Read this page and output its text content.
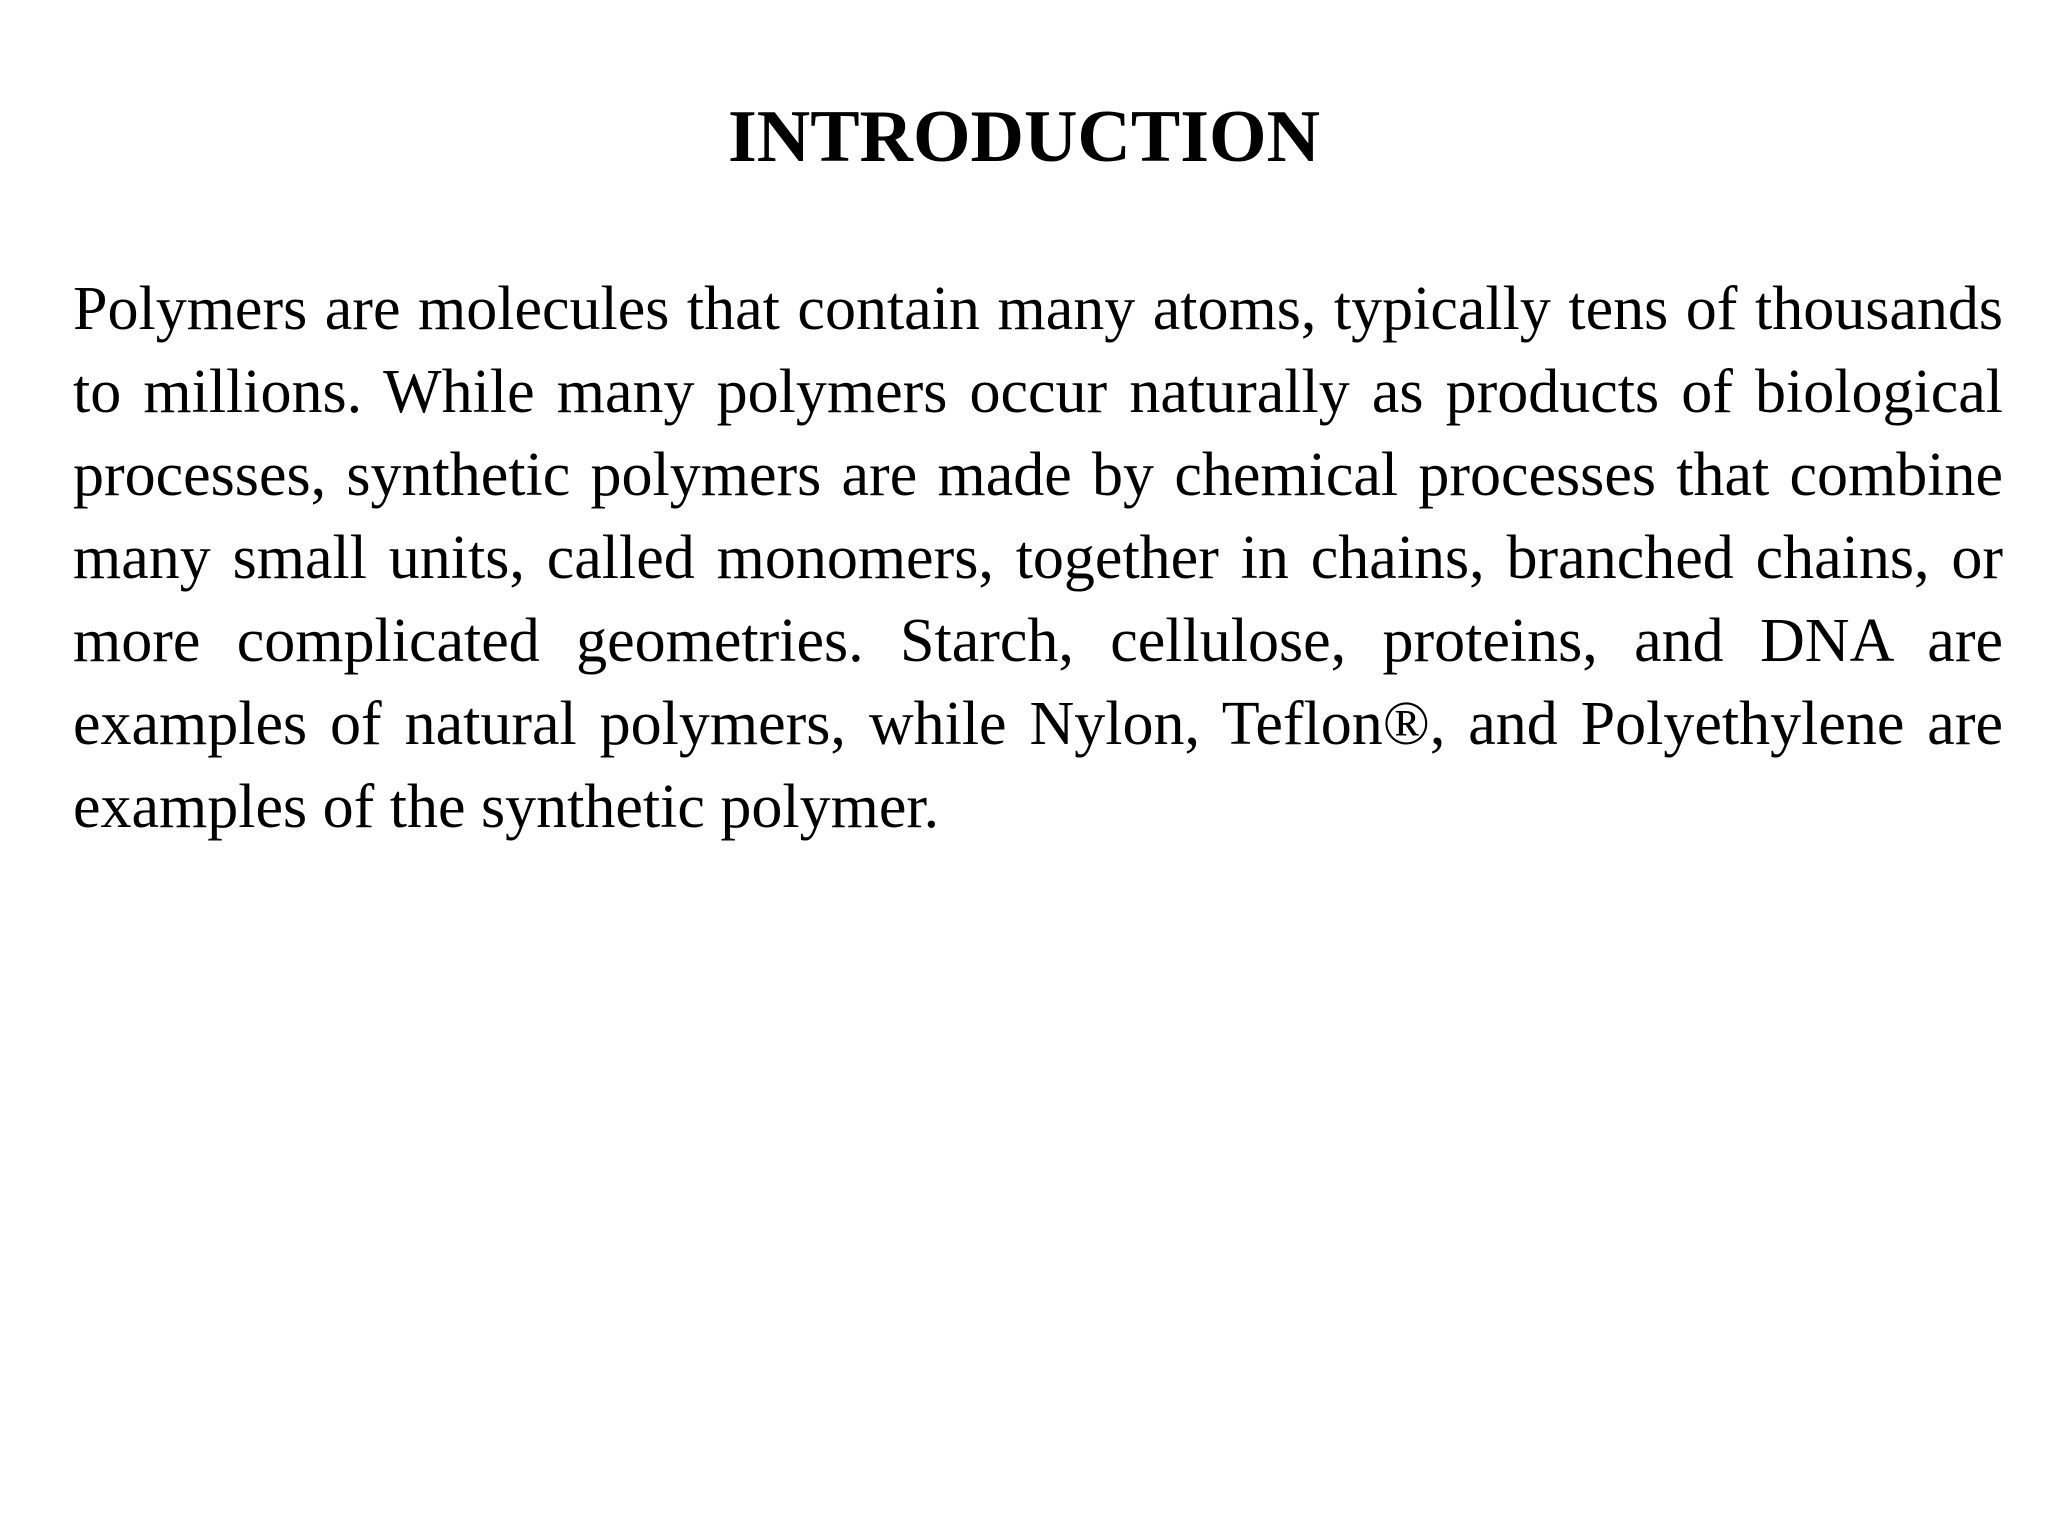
INTRODUCTION

Polymers are molecules that contain many atoms, typically tens of thousands to millions. While many polymers occur naturally as products of biological processes, synthetic polymers are made by chemical processes that combine many small units, called monomers, together in chains, branched chains, or more complicated geometries. Starch, cellulose, proteins, and DNA are examples of natural polymers, while Nylon, Teflon®, and Polyethylene are examples of the synthetic polymer.
